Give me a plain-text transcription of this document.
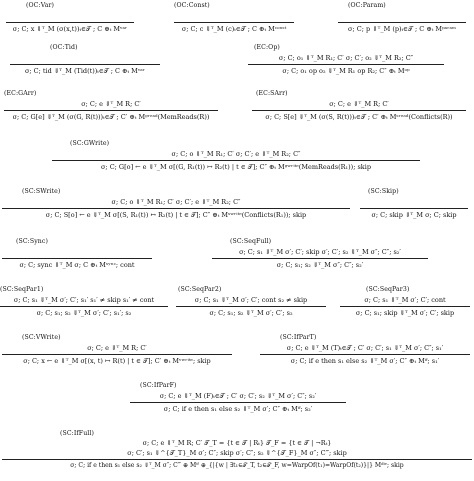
(OC:Var)
σ; C; x ⇓ᵀ_M (σ(x,t))ₜ∈𝒯 ; C ⊕ₜ Mᵛᵃʳ
(OC:Const)
σ; C; c ⇓ᵀ_M (c)ₜ∈𝒯 ; C ⊕ₜ Mᶜᵒⁿˢᵗ
(OC:Param)
σ; C; p ⇓ᵀ_M (p)ₜ∈𝒯 ; C ⊕ₜ Mᵖᵃʳᵃᵐ
(OC:Tid)
σ; C; tid ⇓ᵀ_M (Tid(t))ₜ∈𝒯 ; C ⊕ₜ Mᵛᵃʳ
(EC:Op)
σ; C; o₁ ⇓ᵀ_M R₁; C′ σ; C′; o₂ ⇓ᵀ_M R₂; C″
σ; C; o₁ op o₂ ⇓ᵀ_M R₁ op R₂; C″ ⊕ₜ Mᵒᵖ
(EC:GArr)
σ; C; e ⇓ᵀ_M R; C′
σ; C; G[e] ⇓ᵀ_M (σ(G, R(t)))ₜ∈𝒯 ; C′ ⊕ₜ Mᵍʳᵉᵃᵈ(MemReads(R))
(EC:SArr)
σ; C; e ⇓ᵀ_M R; C′
σ; C; S[e] ⇓ᵀ_M (σ(S, R(t)))ₜ∈𝒯 ; C′ ⊕ₜ Mˢʳᵉᵃᵈ(Conflicts(R))
(SC:GWrite)
σ; C; o ⇓ᵀ_M R₁; C′ σ; C′; e ⇓ᵀ_M R₂; C″
σ; C; G[o] ← e ⇓ᵀ_M σ[(G, R₁(t)) ↦ R₂(t) | t ∈ 𝒯]; C″ ⊕ₜ Mᵍʷʳⁱᵗᵉ(MemReads(R₁)); skip
(SC:SWrite)
σ; C; o ⇓ᵀ_M R₁; C′ σ; C′; e ⇓ᵀ_M R₂; C″
σ; C; S[o] ← e ⇓ᵀ_M σ[(S, R₁(t)) ↦ R₂(t) | t ∈ 𝒯]; C″ ⊕ₜ Mˢʷʳⁱᵗᵉ(Conflicts(R₁)); skip
(SC:Skip)
σ; C; skip ⇓ᵀ_M σ; C; skip
(SC:Sync)
σ; C; sync ⇓ᵀ_M σ; C ⊕ₜ Mˢʸⁿᶜ; cont
(SC:SeqFull)
σ; C; s₁ ⇓ᵀ_M σ′; C′; skip σ′; C′; s₂ ⇓ᵀ_M σ″; C″; s₂′
σ; C; s₁; s₂ ⇓ᵀ_M σ″; C″; s₂′
(SC:SeqPar1)
σ; C; s₁ ⇓ᵀ_M σ′; C′; s₁′ s₁′ ≠ skip s₁′ ≠ cont
σ; C; s₁; s₂ ⇓ᵀ_M σ′; C′; s₁′; s₂
(SC:SeqPar2)
σ; C; s₁ ⇓ᵀ_M σ′; C′; cont s₂ ≠ skip
σ; C; s₁; s₂ ⇓ᵀ_M σ′; C′; s₂
(SC:SeqPar3)
σ; C; s₁ ⇓ᵀ_M σ′; C′; cont
σ; C; s₁; skip ⇓ᵀ_M σ′; C′; skip
(SC:VWrite)
σ; C; e ⇓ᵀ_M R; C′
σ; C; x ← e ⇓ᵀ_M σ[(x, t) ↦ R(t) | t ∈ 𝒯]; C′ ⊕ₜ Mᵛʷʳⁱᵗᵉ; skip
(SC:IfParT)
σ; C; e ⇓ᵀ_M (T)ₜ∈𝒯 ; C′ σ; C′; s₁ ⇓ᵀ_M σ′; C″; s₁′
σ; C; if e then s₁ else s₂ ⇓ᵀ_M σ′; C″ ⊕ₜ Mⁱᶠ; s₁′
(SC:IfParF)
σ; C; e ⇓ᵀ_M (F)ₜ∈𝒯 ; C′ σ; C′; s₂ ⇓ᵀ_M σ′; C″; s₂′
σ; C; if e then s₁ else s₂ ⇓ᵀ_M σ′; C″ ⊕ₜ Mⁱᶠ; s₂′
(SC:IfFull)
σ; C; e ⇓ᵀ_M R; C′ 𝒯_T = {t ∈ 𝒯 | Rₜ} 𝒯_F = {t ∈ 𝒯 | ¬Rₜ}
σ; C′; s₁ ⇓^{𝒯_T}_M σ′; C″; skip σ′; C″; s₂ ⇓^{𝒯_F}_M σ″; C‴; skip
σ; C; if e then s₁ else s₂ ⇓ᵀ_M σ″; C‴ ⊕ Mⁱᶠ ⊕_{|{w | ∃t₁∈𝒯_T, t₂∈𝒯_F, w=WarpOf(t₁)=WarpOf(t₂)}|} Mᵈⁱᵛ; skip
